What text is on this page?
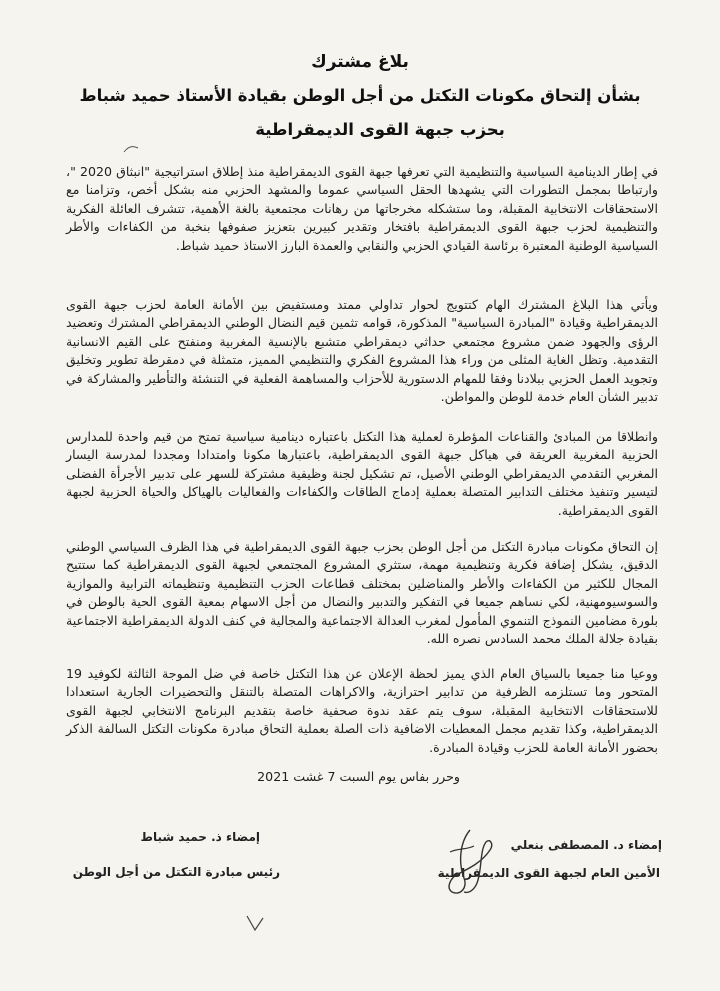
بلاغ مشترك
بشأن إلتحاق مكونات التكتل من أجل الوطن بقيادة الأستاذ حميد شباط
بحزب جبهة القوى الديمقراطية
في إطار الدينامية السياسية والتنظيمية التي تعرفها جبهة القوى الديمقراطية منذ إطلاق استراتيجية "انبثاق 2020 "، وارتباطا بمجمل التطورات التي يشهدها الحقل السياسي عموما والمشهد الحزبي منه بشكل أخص، وتزامنا مع الاستحقاقات الانتخابية المقبلة، وما ستشكله مخرجاتها من رهانات مجتمعية بالغة الأهمية، تتشرف العائلة الفكرية والتنظيمية لحزب جبهة القوى الديمقراطية بافتخار وتقدير كبيرين بتعزيز صفوفها بنخبة من الكفاءات والأطر السياسية الوطنية المعتبرة برئاسة القيادي الحزبي والنقابي والعمدة البارز الاستاذ حميد شباط.
ويأتي هذا البلاغ المشترك الهام كتتويج لحوار تداولي ممتد ومستفيض بين الأمانة العامة لحزب جبهة القوى الديمقراطية وقيادة "المبادرة السياسية" المذكورة، قوامه تثمين قيم النضال الوطني الديمقراطي المشترك وتعضيد الرؤى والجهود ضمن مشروع مجتمعي حداثي ديمقراطي متشبع بالإنسية المغربية ومنفتح على القيم الانسانية التقدمية. وتظل الغاية المثلى من وراء هذا المشروع الفكري والتنظيمي المميز، متمثلة في دمقرطة تطوير وتخليق وتجويد العمل الحزبي ببلادنا وفقا للمهام الدستورية للأحزاب والمساهمة الفعلية في التنشئة والتأطير والمشاركة في تدبير الشأن العام خدمة للوطن والمواطن.
وانطلاقا من المبادئ والقناعات المؤطرة لعملية هذا التكتل باعتباره دينامية سياسية تمتح من قيم واحدة للمدارس الحزبية المغربية العريقة في هياكل جبهة القوى الديمقراطية، باعتبارها مكونا وامتدادا ومجددا لمدرسة اليسار المغربي التقدمي الديمقراطي الوطني الأصيل، تم تشكيل لجنة وظيفية مشتركة للسهر على تدبير الأجرأة الفضلى لتيسير وتنفيذ مختلف التدابير المتصلة بعملية إدماج الطاقات والكفاءات والفعاليات بالهياكل والحياة الحزبية لجبهة القوى الديمقراطية.
إن التحاق مكونات مبادرة التكتل من أجل الوطن بحزب جبهة القوى الديمقراطية في هذا الظرف السياسي الوطني الدقيق، يشكل إضافة فكرية وتنظيمية مهمة، ستثري المشروع المجتمعي لجبهة القوى الديمقراطية كما ستتيح المجال للكثير من الكفاءات والأطر والمناضلين بمختلف قطاعات الحزب التنظيمية وتنظيماته الترابية والموازية والسوسيومهنية، لكي نساهم جميعا في التفكير والتدبير والنضال من أجل الاسهام بمعية القوى الحية بالوطن في بلورة مضامين النموذج التنموي المأمول لمغرب العدالة الاجتماعية والمجالية في كنف الدولة الديمقراطية الاجتماعية بقيادة جلالة الملك محمد السادس نصره الله.
ووعيا منا جميعا بالسياق العام الذي يميز لحظة الإعلان عن هذا التكتل خاصة في ضل الموجة الثالثة لكوفيد 19 المتحور وما تستلزمه الظرفية من تدابير احترازية، والاكراهات المتصلة بالتنقل والتحضيرات الجارية استعدادا للاستحقاقات الانتخابية المقبلة، سوف يتم عقد ندوة صحفية خاصة بتقديم البرنامج الانتخابي لجبهة القوى الديمقراطية، وكذا تقديم مجمل المعطيات الاضافية ذات الصلة بعملية التحاق مبادرة مكونات التكتل السالفة الذكر بحضور الأمانة العامة للحزب وقيادة المبادرة.
وحرر بفاس يوم السبت 7 غشت 2021
إمضاء د. المصطفى بنعلي
الأمين العام لجبهة القوى الديمقراطية
إمضاء ذ. حميد شباط
رئيس مبادرة التكتل من أجل الوطن
